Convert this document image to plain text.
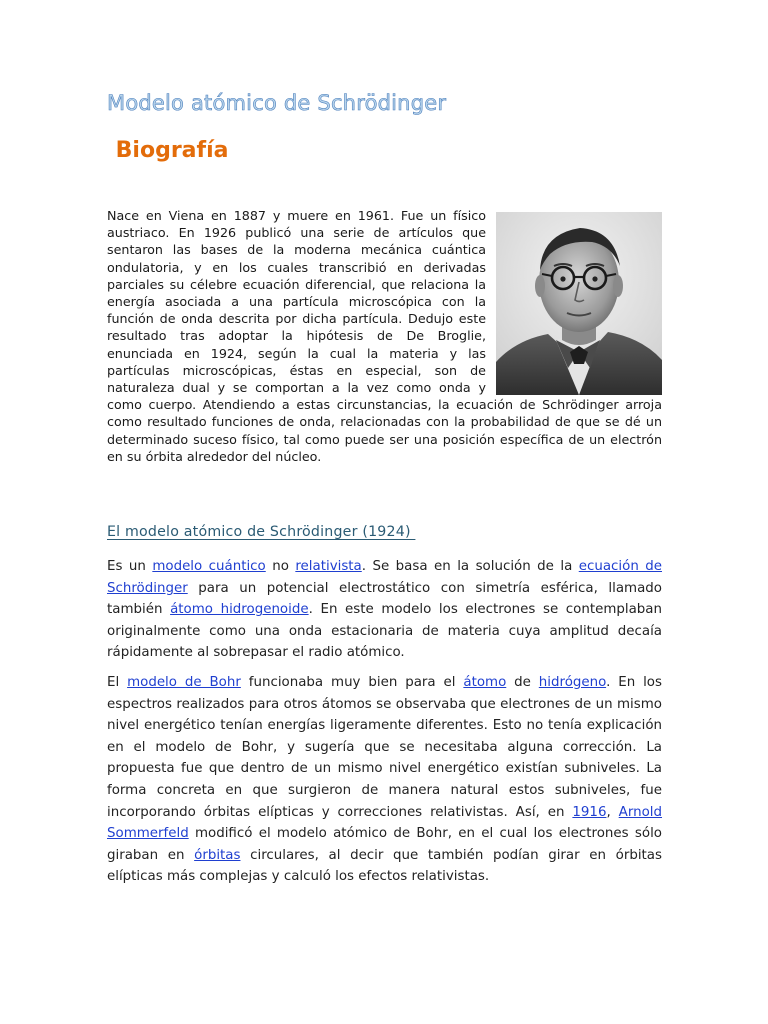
Modelo atómico de Schrödinger
Biografía
Nace en Viena en 1887 y muere en 1961. Fue un físico austriaco. En 1926 publicó una serie de artículos que sentaron las bases de la moderna mecánica cuántica ondulatoria, y en los cuales transcribió en derivadas parciales su célebre ecuación diferencial, que relaciona la energía asociada a una partícula microscópica con la función de onda descrita por dicha partícula. Dedujo este resultado tras adoptar la hipótesis de De Broglie, enunciada en 1924, según la cual la materia y las partículas microscópicas, éstas en especial, son de naturaleza dual y se comportan a la vez como onda y como cuerpo. Atendiendo a estas circunstancias, la ecuación de Schrödinger arroja como resultado funciones de onda, relacionadas con la probabilidad de que se dé un determinado suceso físico, tal como puede ser una posición específica de un electrón en su órbita alrededor del núcleo.
El modelo atómico de Schrödinger (1924)

Es un modelo cuántico no relativista. Se basa en la solución de la ecuación de Schrödinger para un potencial electrostático con simetría esférica, llamado también átomo hidrogenoide. En este modelo los electrones se contemplaban originalmente como una onda estacionaria de materia cuya amplitud decaía rápidamente al sobrepasar el radio atómico.

El modelo de Bohr funcionaba muy bien para el átomo de hidrógeno. En los espectros realizados para otros átomos se observaba que electrones de un mismo nivel energético tenían energías ligeramente diferentes. Esto no tenía explicación en el modelo de Bohr, y sugería que se necesitaba alguna corrección. La propuesta fue que dentro de un mismo nivel energético existían subniveles. La forma concreta en que surgieron de manera natural estos subniveles, fue incorporando órbitas elípticas y correcciones relativistas. Así, en 1916, Arnold Sommerfeld modificó el modelo atómico de Bohr, en el cual los electrones sólo giraban en órbitas circulares, al decir que también podían girar en órbitas elípticas más complejas y calculó los efectos relativistas.
